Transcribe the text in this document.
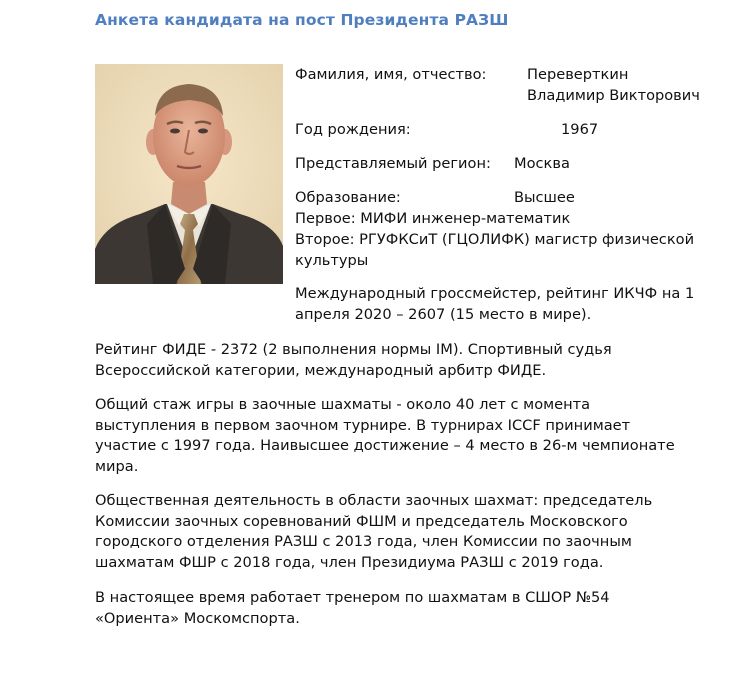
Анкета кандидата на пост Президента РАЗШ
Фамилия, имя, отчество:	Переверткин
Владимир Викторович
Год рождения:	1967
Представляемый регион: Москва
Образование:	Высшее
Первое: МИФИ инженер-математик
Второе: РГУФКСиТ (ГЦОЛИФК) магистр физической
культуры
Международный гроссмейстер, рейтинг ИКЧФ на 1
апреля 2020 – 2607 (15 место в мире).
Рейтинг ФИДЕ - 2372 (2 выполнения нормы IM). Спортивный судья
Всероссийской категории, международный арбитр ФИДЕ.
Общий стаж игры в заочные шахматы - около 40 лет с момента
выступления в первом заочном турнире. В турнирах ICCF принимает
участие с 1997 года. Наивысшее достижение – 4 место в 26-м чемпионате
мира.
Общественная деятельность в области заочных шахмат: председатель
Комиссии заочных соревнований ФШМ и председатель Московского
городского отделения РАЗШ с 2013 года, член Комиссии по заочным
шахматам ФШР с 2018 года, член Президиума РАЗШ с 2019 года.
В настоящее время работает тренером по шахматам в СШОР №54
«Ориента» Москомспорта.
